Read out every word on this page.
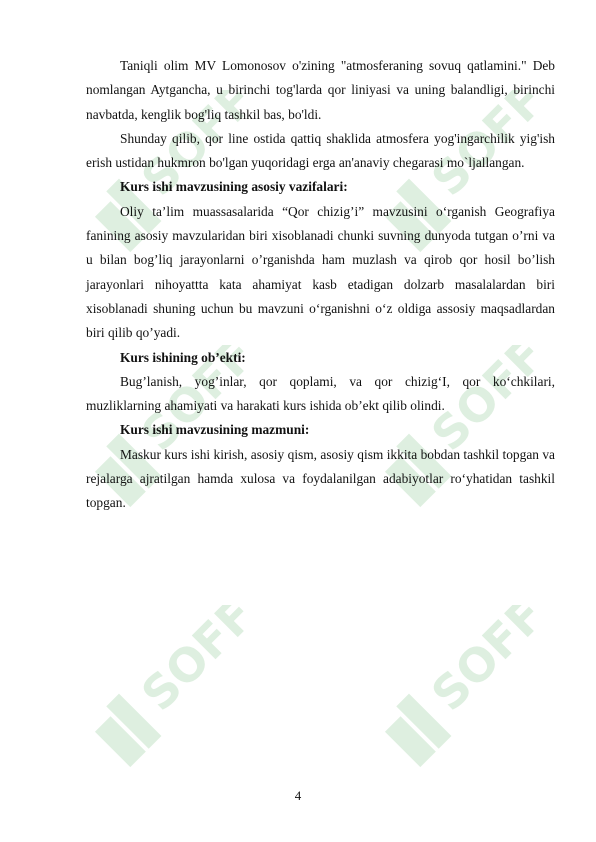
SOFF	SOFF
SOFF	SOFF
SOFF	SOFF

Taniqli olim MV Lomonosov o'zining "atmosferaning sovuq qatlamini." Deb nomlangan Aytgancha, u birinchi tog'larda qor liniyasi va uning balandligi, birinchi navbatda, kenglik bog'liq tashkil bas, bo'ldi.

Shunday qilib, qor line ostida qattiq shaklida atmosfera yog'ingarchilik yig'ish erish ustidan hukmron bo'lgan yuqoridagi erga an'anaviy chegarasi mo`ljallangan.

Kurs ishi mavzusining asosiy vazifalari:

Oliy ta’lim muassasalarida “Qor chizig’i” mavzusini o‘rganish Geografiya fanining asosiy mavzularidan biri xisoblanadi chunki suvning dunyoda tutgan o’rni va u bilan bog’liq jarayonlarni o’rganishda ham muzlash va qirob qor hosil bo’lish jarayonlari nihoyattta kata ahamiyat kasb etadigan dolzarb masalalardan biri xisoblanadi shuning uchun bu mavzuni o‘rganishni o‘z oldiga assosiy maqsadlardan biri qilib qo’yadi.

Kurs ishining ob’ekti:

Bug’lanish, yog’inlar, qor qoplami, va qor chizig‘I, qor ko‘chkilari, muzliklarning ahamiyati va harakati kurs ishida ob’ekt qilib olindi.

Kurs ishi mavzusining mazmuni:

Maskur kurs ishi kirish, asosiy qism, asosiy qism ikkita bobdan tashkil topgan va rejalarga ajratilgan hamda xulosa va foydalanilgan adabiyotlar ro‘yhatidan tashkil topgan.

4
